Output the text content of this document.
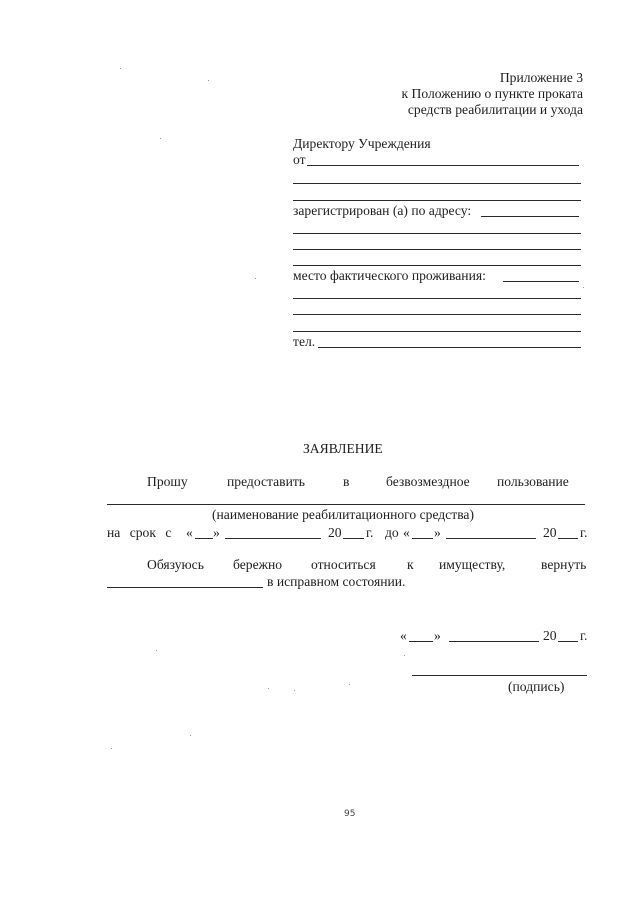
Приложение 3
к Положению о пункте проката
средств реабилитации и ухода
Директору Учреждения
от
зарегистрирован (а) по адресу:
место фактического проживания:
тел.
ЗАЯВЛЕНИЕ
Прошу	предоставить	в	безвозмездное пользование
(наименование реабилитационного средства)
на срок с « »	20 г. до « »	20 г.
Обязуюсь бережно относиться к имуществу,	вернуть
в исправном состоянии.
« »	20 г.
(подпись)
95
